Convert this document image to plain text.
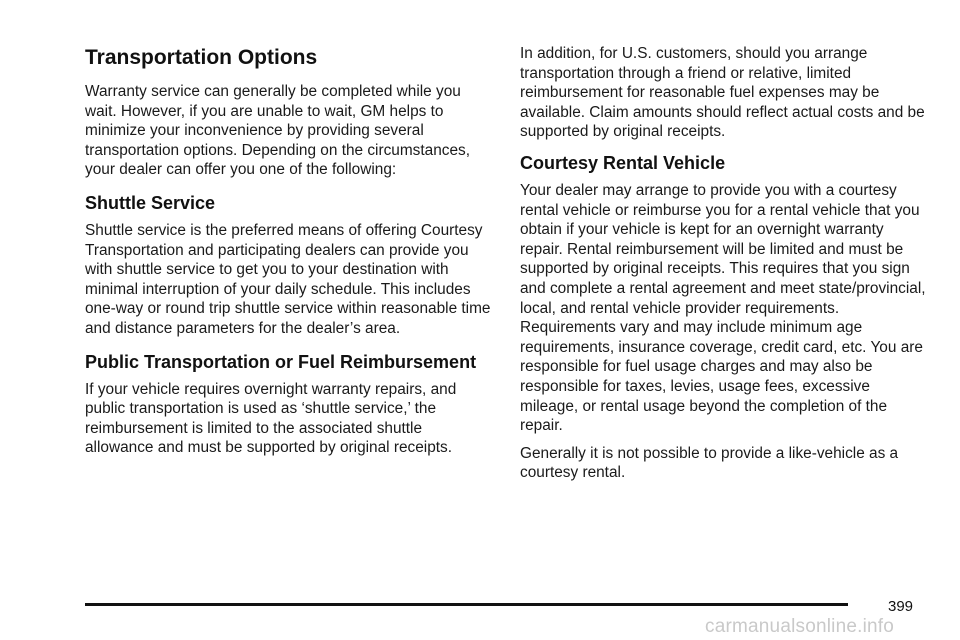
Transportation Options

Warranty service can generally be completed while you wait. However, if you are unable to wait, GM helps to minimize your inconvenience by providing several transportation options. Depending on the circumstances, your dealer can offer you one of the following:

Shuttle Service

Shuttle service is the preferred means of offering Courtesy Transportation and participating dealers can provide you with shuttle service to get you to your destination with minimal interruption of your daily schedule. This includes one-way or round trip shuttle service within reasonable time and distance parameters for the dealer’s area.

Public Transportation or Fuel Reimbursement

If your vehicle requires overnight warranty repairs, and public transportation is used as ‘shuttle service,’ the reimbursement is limited to the associated shuttle allowance and must be supported by original receipts.

In addition, for U.S. customers, should you arrange transportation through a friend or relative, limited reimbursement for reasonable fuel expenses may be available. Claim amounts should reflect actual costs and be supported by original receipts.

Courtesy Rental Vehicle

Your dealer may arrange to provide you with a courtesy rental vehicle or reimburse you for a rental vehicle that you obtain if your vehicle is kept for an overnight warranty repair. Rental reimbursement will be limited and must be supported by original receipts. This requires that you sign and complete a rental agreement and meet state/provincial, local, and rental vehicle provider requirements. Requirements vary and may include minimum age requirements, insurance coverage, credit card, etc. You are responsible for fuel usage charges and may also be responsible for taxes, levies, usage fees, excessive mileage, or rental usage beyond the completion of the repair.

Generally it is not possible to provide a like-vehicle as a courtesy rental.

399
carmanualsonline.info
